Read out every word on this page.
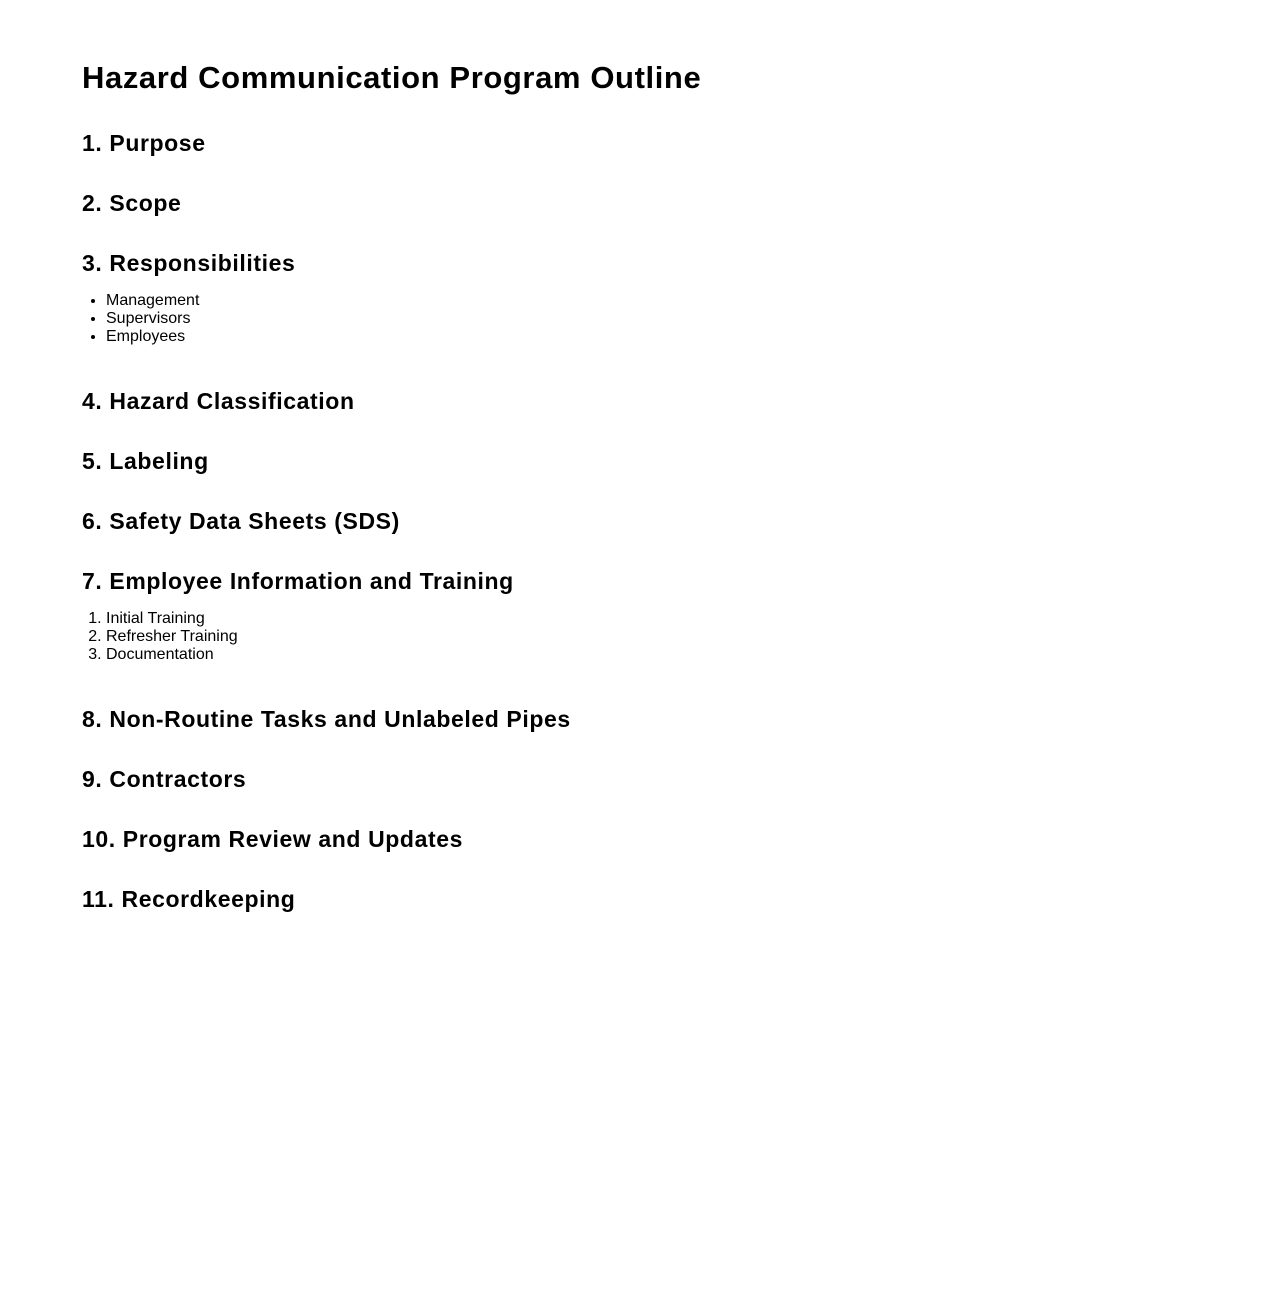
Hazard Communication Program Outline
1. Purpose
2. Scope
3. Responsibilities
• Management
• Supervisors
• Employees
4. Hazard Classification
5. Labeling
6. Safety Data Sheets (SDS)
7. Employee Information and Training
1. Initial Training
2. Refresher Training
3. Documentation
8. Non-Routine Tasks and Unlabeled Pipes
9. Contractors
10. Program Review and Updates
11. Recordkeeping
